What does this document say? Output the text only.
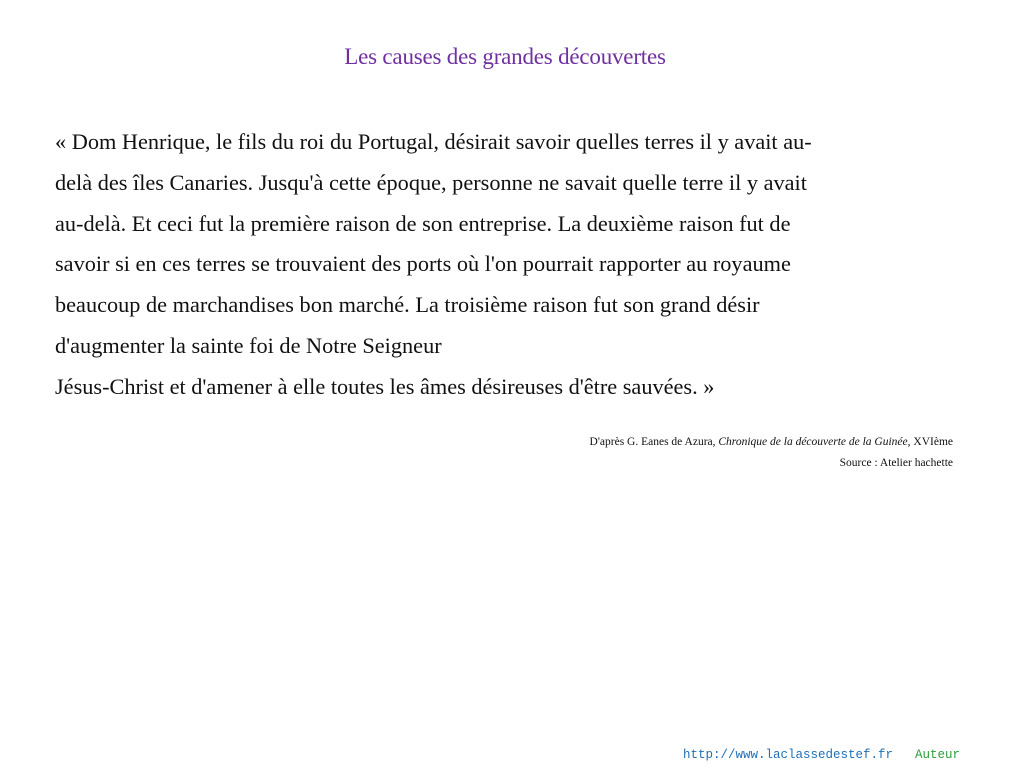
Les causes des grandes découvertes
« Dom Henrique, le fils du roi du Portugal, désirait savoir quelles terres il y avait au-
delà des îles Canaries. Jusqu'à cette époque, personne ne savait quelle terre il y avait
au-delà. Et ceci fut la première raison de son entreprise. La deuxième raison fut de
savoir si en ces terres se trouvaient des ports où l'on pourrait rapporter au royaume
beaucoup de marchandises bon marché. La troisième raison fut son grand désir
d'augmenter la sainte foi de Notre Seigneur
Jésus-Christ et d'amener à elle toutes les âmes désireuses d'être sauvées. »
D'après G. Eanes de Azura, Chronique de la découverte de la Guinée, XVIème
Source : Atelier hachette
http://www.laclassedestef.fr Auteur
